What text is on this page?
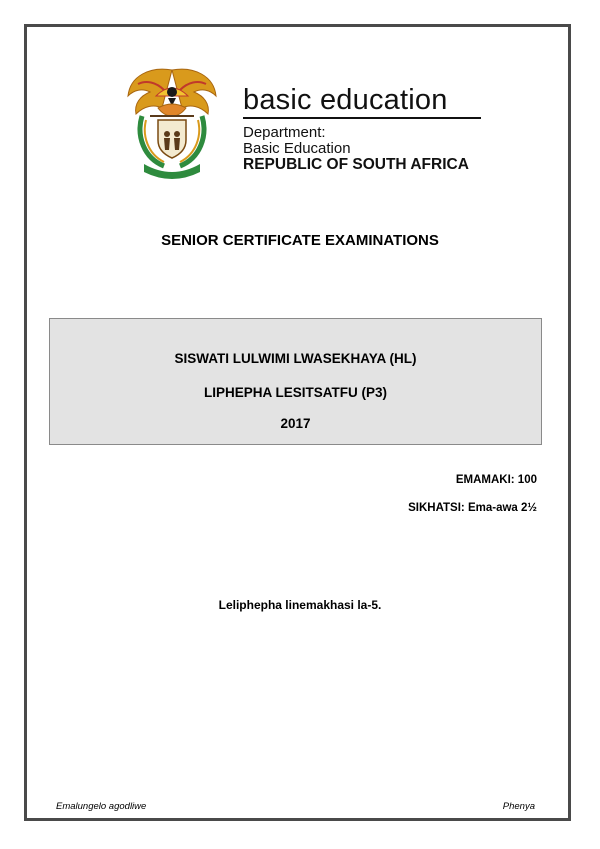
basic education
Department:
Basic Education
REPUBLIC OF SOUTH AFRICA
SENIOR CERTIFICATE EXAMINATIONS
SISWATI LULWIMI LWASEKHAYA (HL)
LIPHEPHA LESITSATFU (P3)
2017
EMAMAKI: 100
SIKHATSI: Ema-awa 2½
Leliphepha linemakhasi la-5.
Emalungelo agodliwe	Phenya
